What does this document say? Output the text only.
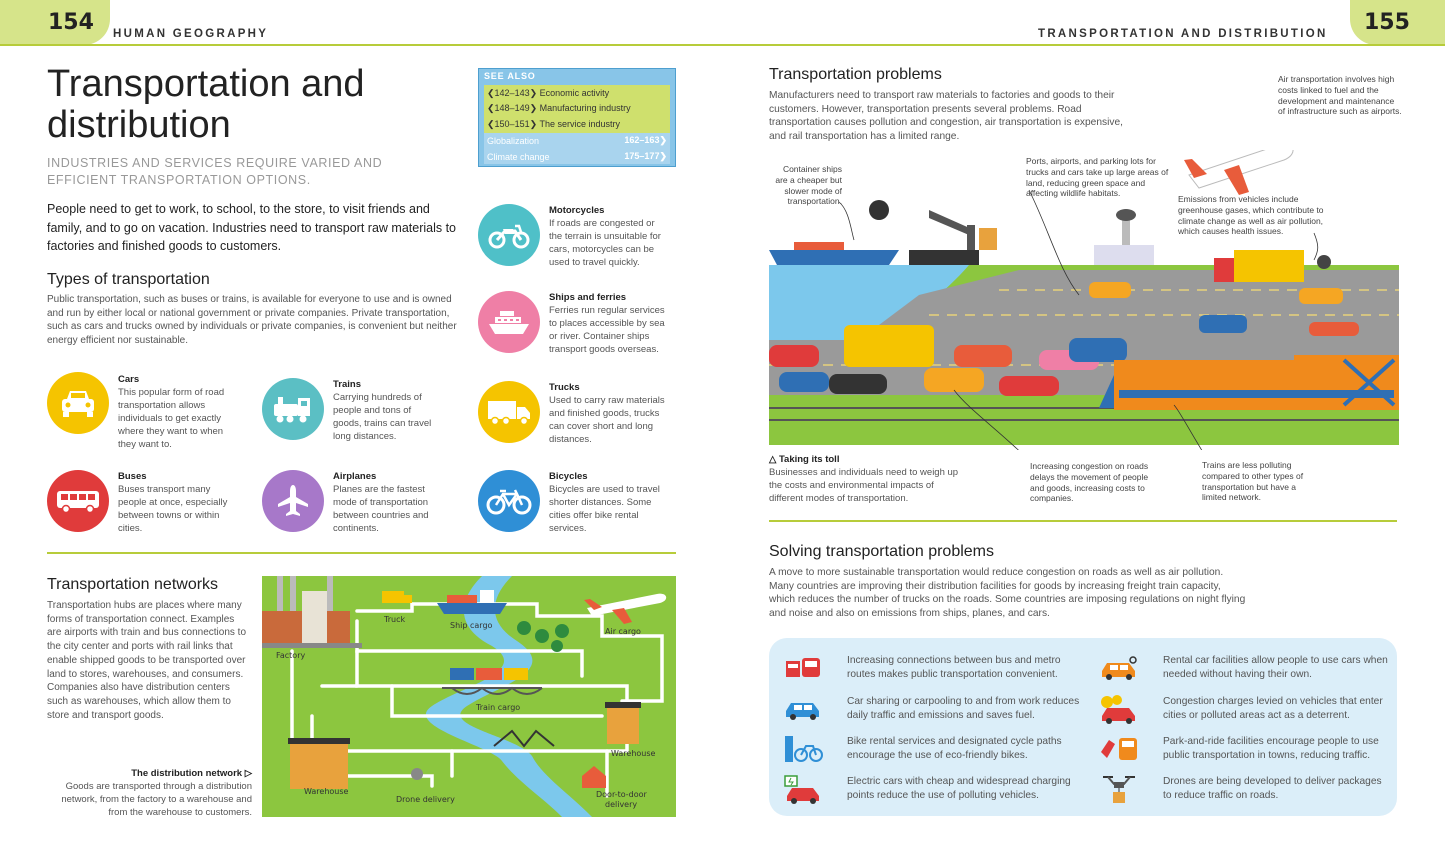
154	HUMAN GEOGRAPHY	TRANSPORTATION AND DISTRIBUTION	155
Transportation and distribution
INDUSTRIES AND SERVICES REQUIRE VARIED AND EFFICIENT TRANSPORTATION OPTIONS.

People need to get to work, to school, to the store, to visit friends and family, and to go on vacation. Industries need to transport raw materials to factories and finished goods to customers.

SEE ALSO
❮142–143❯ Economic activity
❮148–149❯ Manufacturing industry
❮150–151❯ The service industry
Globalization	162–163❯
Climate change	175–177❯
Types of transportation

Public transportation, such as buses or trains, is available for everyone to use and is owned and run by either local or national government or private companies. Private transportation, such as cars and trucks owned by individuals or private companies, is convenient but neither energy efficient nor sustainable.

Cars
This popular form of road transportation allows individuals to get exactly where they want to when they want to.
Trains
Carrying hundreds of people and tons of goods, trains can travel long distances.
Buses
Buses transport many people at once, especially between towns or within cities.
Airplanes
Planes are the fastest mode of transportation between countries and continents.
Motorcycles
If roads are congested or the terrain is unsuitable for cars, motorcycles can be used to travel quickly.
Ships and ferries
Ferries run regular services to places accessible by sea or river. Container ships transport goods overseas.
Trucks
Used to carry raw materials and finished goods, trucks can cover short and long distances.
Bicycles
Bicycles are used to travel shorter distances. Some cities offer bike rental services.
Transportation networks

Transportation hubs are places where many forms of transportation connect. Examples are airports with train and bus connections to the city center and ports with rail links that enable shipped goods to be transported over land to stores, warehouses, and consumers. Companies also have distribution centers such as warehouses, which allow them to store and transport goods.

The distribution network ▷
Goods are transported through a distribution network, from the factory to a warehouse and from the warehouse to customers.
Truck
Ship cargo
Air cargo
Factory
Train cargo
Warehouse
Warehouse
Drone delivery
Door-to-door
delivery
Transportation problems

Manufacturers need to transport raw materials to factories and goods to their customers. However, transportation presents several problems. Road transportation causes pollution and congestion, air transportation is expensive, and rail transportation has a limited range.

Container ships are a cheaper but slower mode of transportation.
Ports, airports, and parking lots for trucks and cars take up large areas of land, reducing green space and affecting wildlife habitats.
Air transportation involves high costs linked to fuel and the development and maintenance of infrastructure such as airports.
Emissions from vehicles include greenhouse gases, which contribute to climate change as well as air pollution, which causes health issues.
Increasing congestion on roads delays the movement of people and goods, increasing costs to companies.
Trains are less polluting compared to other types of transportation but have a limited network.
△ Taking its toll
Businesses and individuals need to weigh up the costs and environmental impacts of different modes of transportation.
Solving transportation problems

A move to more sustainable transportation would reduce congestion on roads as well as air pollution. Many countries are improving their distribution facilities for goods by increasing freight train capacity, which reduces the number of trucks on the roads. Some countries are imposing regulations on night flying and noise and also on emissions from ships, planes, and cars.

Increasing connections between bus and metro routes makes public transportation convenient.
Car sharing or carpooling to and from work reduces daily traffic and emissions and saves fuel.
Bike rental services and designated cycle paths encourage the use of eco-friendly bikes.
Electric cars with cheap and widespread charging points reduce the use of polluting vehicles.
Rental car facilities allow people to use cars when needed without having their own.
Congestion charges levied on vehicles that enter cities or polluted areas act as a deterrent.
Park-and-ride facilities encourage people to use public transportation in towns, reducing traffic.
Drones are being developed to deliver packages to reduce traffic on roads.
